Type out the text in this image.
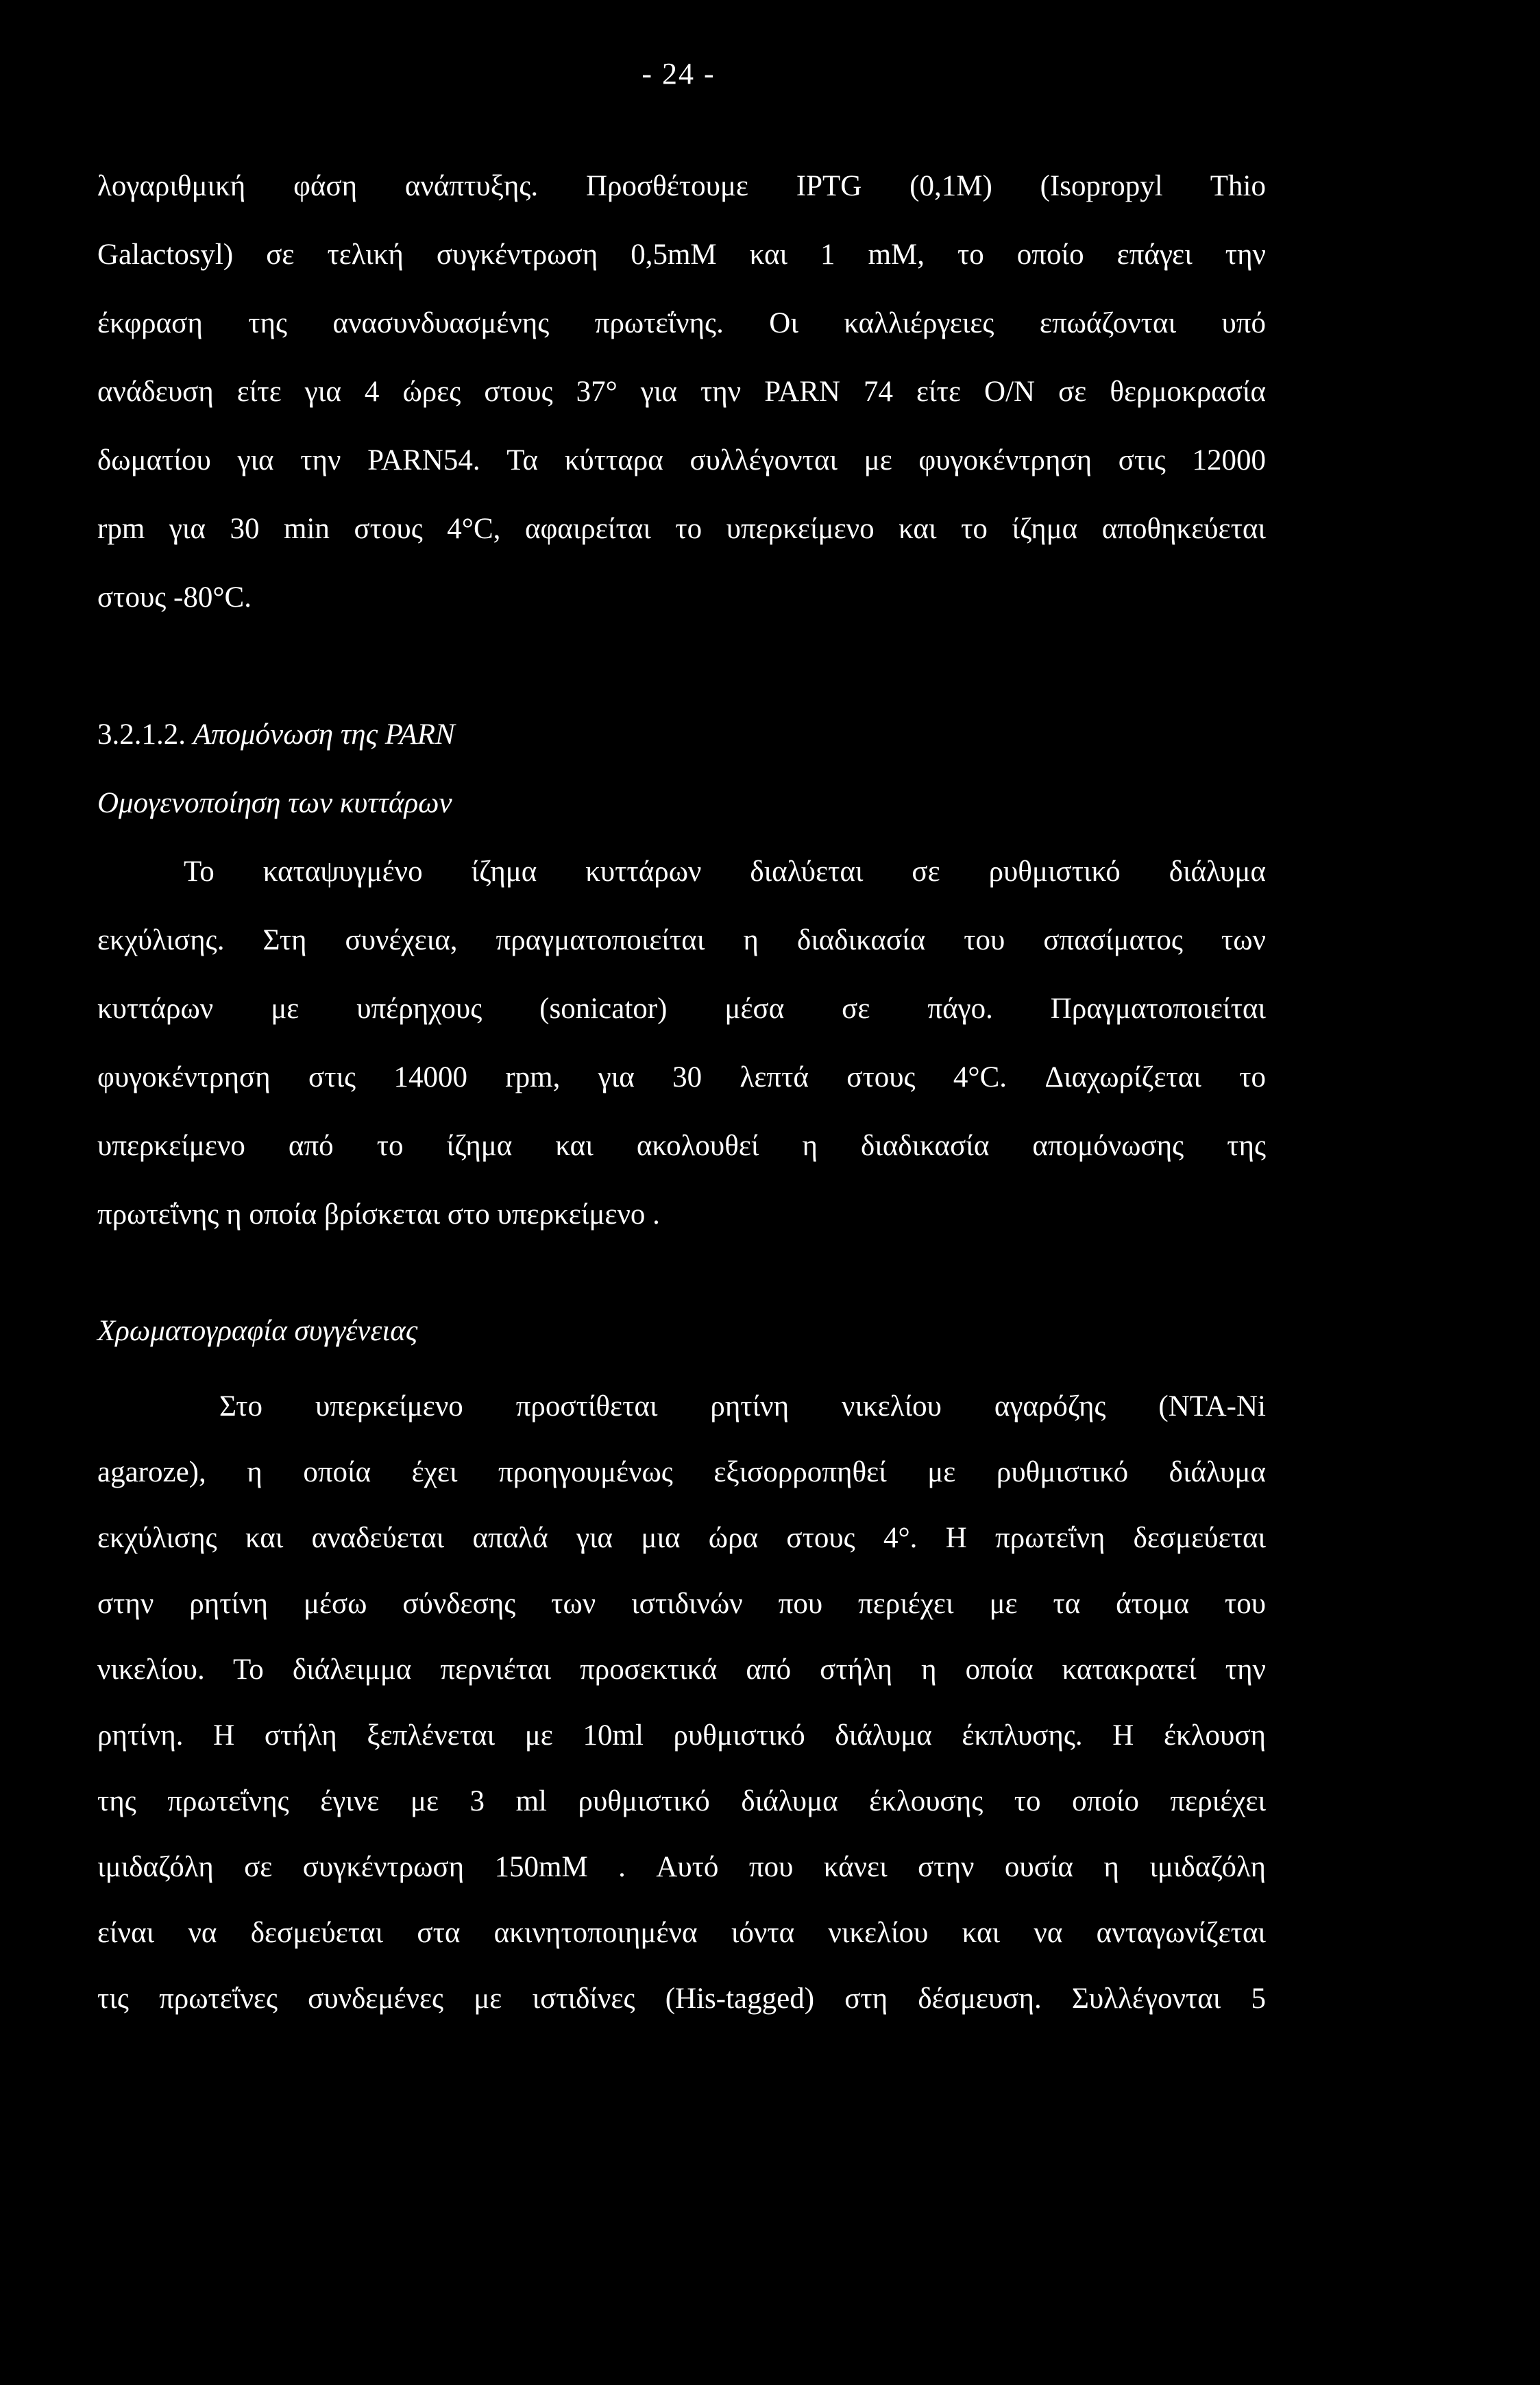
- 24 -
λογαριθμική φάση ανάπτυξης. Προσθέτουμε IPTG (0,1M) (Isopropyl Thio
Galactosyl) σε τελική συγκέντρωση 0,5mM και 1 mM, το οποίο επάγει την
έκφραση της ανασυνδυασμένης πρωτεΐνης. Οι καλλιέργειες επωάζονται υπό
ανάδευση είτε για 4 ώρες στους 37° για την PARN 74 είτε O/N σε θερμοκρασία
δωματίου για την PARN54. Τα κύτταρα συλλέγονται με φυγοκέντρηση στις 12000
rpm για 30 min στους 4°C, αφαιρείται το υπερκείμενο και το ίζημα αποθηκεύεται
στους -80°C.
3.2.1.2. Απομόνωση της PARN
Ομογενοποίηση των κυττάρων
Το καταψυγμένο ίζημα κυττάρων διαλύεται σε ρυθμιστικό διάλυμα
εκχύλισης. Στη συνέχεια, πραγματοποιείται η διαδικασία του σπασίματος των
κυττάρων με υπέρηχους (sonicator) μέσα σε πάγο. Πραγματοποιείται
φυγοκέντρηση στις 14000 rpm, για 30 λεπτά στους 4°C. Διαχωρίζεται το
υπερκείμενο από το ίζημα και ακολουθεί η διαδικασία απομόνωσης της
πρωτεΐνης η οποία βρίσκεται στο υπερκείμενο .
Χρωματογραφία συγγένειας
Στο υπερκείμενο προστίθεται ρητίνη νικελίου αγαρόζης (NTA-Ni
agaroze), η οποία έχει προηγουμένως εξισορροπηθεί με ρυθμιστικό διάλυμα
εκχύλισης και αναδεύεται απαλά για μια ώρα στους 4°. Η πρωτεΐνη δεσμεύεται
στην ρητίνη μέσω σύνδεσης των ιστιδινών που περιέχει με τα άτομα του
νικελίου. Το διάλειμμα περνιέται προσεκτικά από στήλη η οποία κατακρατεί την
ρητίνη. Η στήλη ξεπλένεται με 10ml ρυθμιστικό διάλυμα έκπλυσης. Η έκλουση
της πρωτεΐνης έγινε με 3 ml ρυθμιστικό διάλυμα έκλουσης το οποίο περιέχει
ιμιδαζόλη σε συγκέντρωση 150mM . Αυτό που κάνει στην ουσία η ιμιδαζόλη
είναι να δεσμεύεται στα ακινητοποιημένα ιόντα νικελίου και να ανταγωνίζεται
τις πρωτεΐνες συνδεμένες με ιστιδίνες (His-tagged) στη δέσμευση. Συλλέγονται 5
